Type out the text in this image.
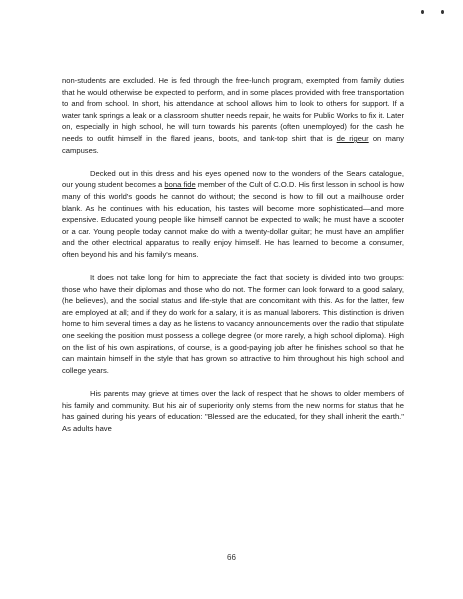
non-students are excluded. He is fed through the free-lunch program, exempted from family duties that he would otherwise be expected to perform, and in some places provided with free transportation to and from school. In short, his attendance at school allows him to look to others for support. If a water tank springs a leak or a classroom shutter needs repair, he waits for Public Works to fix it. Later on, especially in high school, he will turn towards his parents (often unemployed) for the cash he needs to outfit himself in the flared jeans, boots, and tank-top shirt that is de rigeur on many campuses.

Decked out in this dress and his eyes opened now to the wonders of the Sears catalogue, our young student becomes a bona fide member of the Cult of C.O.D. His first lesson in school is how many of this world's goods he cannot do without; the second is how to fill out a mailhouse order blank. As he continues with his education, his tastes will become more sophisticated—and more expensive. Educated young people like himself cannot be expected to walk; he must have a scooter or a car. Young people today cannot make do with a twenty-dollar guitar; he must have an amplifier and the other electrical apparatus to really enjoy himself. He has learned to become a consumer, often beyond his and his family's means.

It does not take long for him to appreciate the fact that society is divided into two groups: those who have their diplomas and those who do not. The former can look forward to a good salary, (he believes), and the social status and life-style that are concomitant with this. As for the latter, few are employed at all; and if they do work for a salary, it is as manual laborers. This distinction is driven home to him several times a day as he listens to vacancy announcements over the radio that stipulate one seeking the position must possess a college degree (or more rarely, a high school diploma). High on the list of his own aspirations, of course, is a good-paying job after he finishes school so that he can maintain himself in the style that has grown so attractive to him throughout his high school and college years.

His parents may grieve at times over the lack of respect that he shows to older members of his family and community. But his air of superiority only stems from the new norms for status that he has gained during his years of education: "Blessed are the educated, for they shall inherit the earth." As adults have

66
